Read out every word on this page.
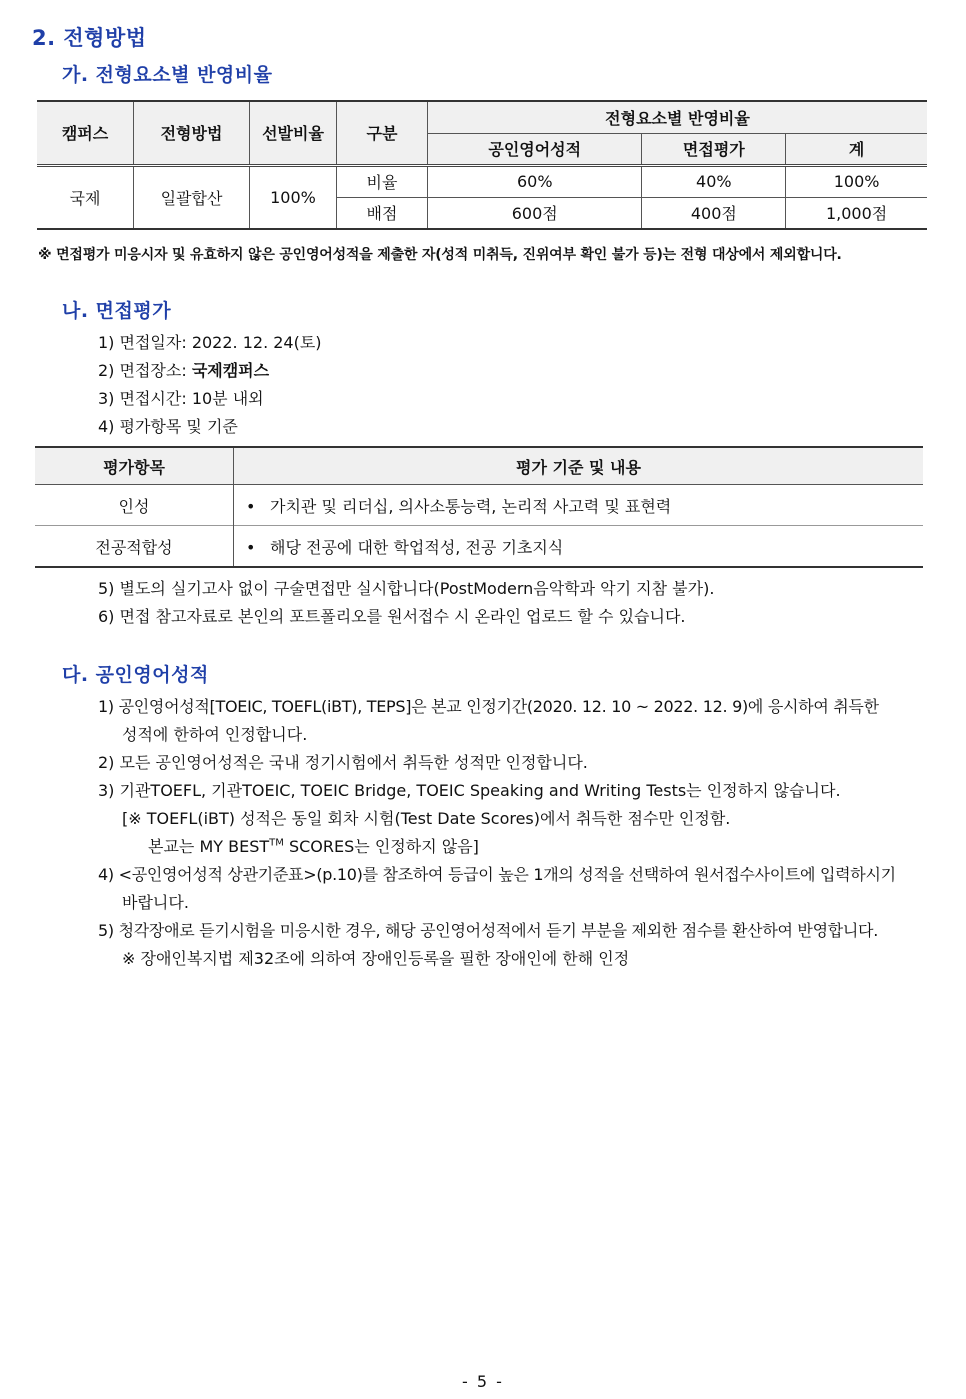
2. 전형방법
가. 전형요소별 반영비율
캠퍼스	전형방법	선발비율	구분	전형요소별 반영비율		
				공인영어성적	면접평가	계
국제	일괄합산	100%	비율	60%	40%	100%
			배점	600점	400점	1,000점
※ 면접평가 미응시자 및 유효하지 않은 공인영어성적을 제출한 자(성적 미취득, 진위여부 확인 불가 등)는 전형 대상에서 제외합니다.
나. 면접평가
1) 면접일자: 2022. 12. 24(토)
2) 면접장소: 국제캠퍼스
3) 면접시간: 10분 내외
4) 평가항목 및 기준
평가항목	평가 기준 및 내용
인성	• 가치관 및 리더십, 의사소통능력, 논리적 사고력 및 표현력
전공적합성	• 해당 전공에 대한 학업적성, 전공 기초지식
5) 별도의 실기고사 없이 구술면접만 실시합니다(PostModern음악학과 악기 지참 불가).
6) 면접 참고자료로 본인의 포트폴리오를 원서접수 시 온라인 업로드 할 수 있습니다.
다. 공인영어성적
1) 공인영어성적[TOEIC, TOEFL(iBT), TEPS]은 본교 인정기간(2020. 12. 10 ~ 2022. 12. 9)에 응시하여 취득한
성적에 한하여 인정합니다.
2) 모든 공인영어성적은 국내 정기시험에서 취득한 성적만 인정합니다.
3) 기관TOEFL, 기관TOEIC, TOEIC Bridge, TOEIC Speaking and Writing Tests는 인정하지 않습니다.
[※ TOEFL(iBT) 성적은 동일 회차 시험(Test Date Scores)에서 취득한 점수만 인정함.
본교는 MY BEST™ SCORES는 인정하지 않음]
4) <공인영어성적 상관기준표>(p.10)를 참조하여 등급이 높은 1개의 성적을 선택하여 원서접수사이트에 입력하시기
바랍니다.
5) 청각장애로 듣기시험을 미응시한 경우, 해당 공인영어성적에서 듣기 부분을 제외한 점수를 환산하여 반영합니다.
※ 장애인복지법 제32조에 의하여 장애인등록을 필한 장애인에 한해 인정
- 5 -
